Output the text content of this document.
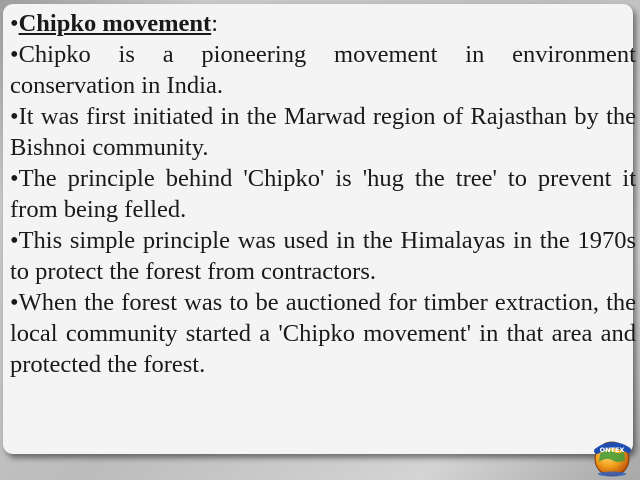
•Chipko movement:

•Chipko is a pioneering movement in environment conservation in India.

•It was first initiated in the Marwad region of Rajasthan by the Bishnoi community.

•The principle behind 'Chipko' is 'hug the tree' to prevent it from being felled.

•This simple principle was used in the Himalayas in the 1970s to protect the forest from contractors.

•When the forest was to be auctioned for timber extraction, the local community started a 'Chipko movement' in that area and protected the forest.

ONTEX
